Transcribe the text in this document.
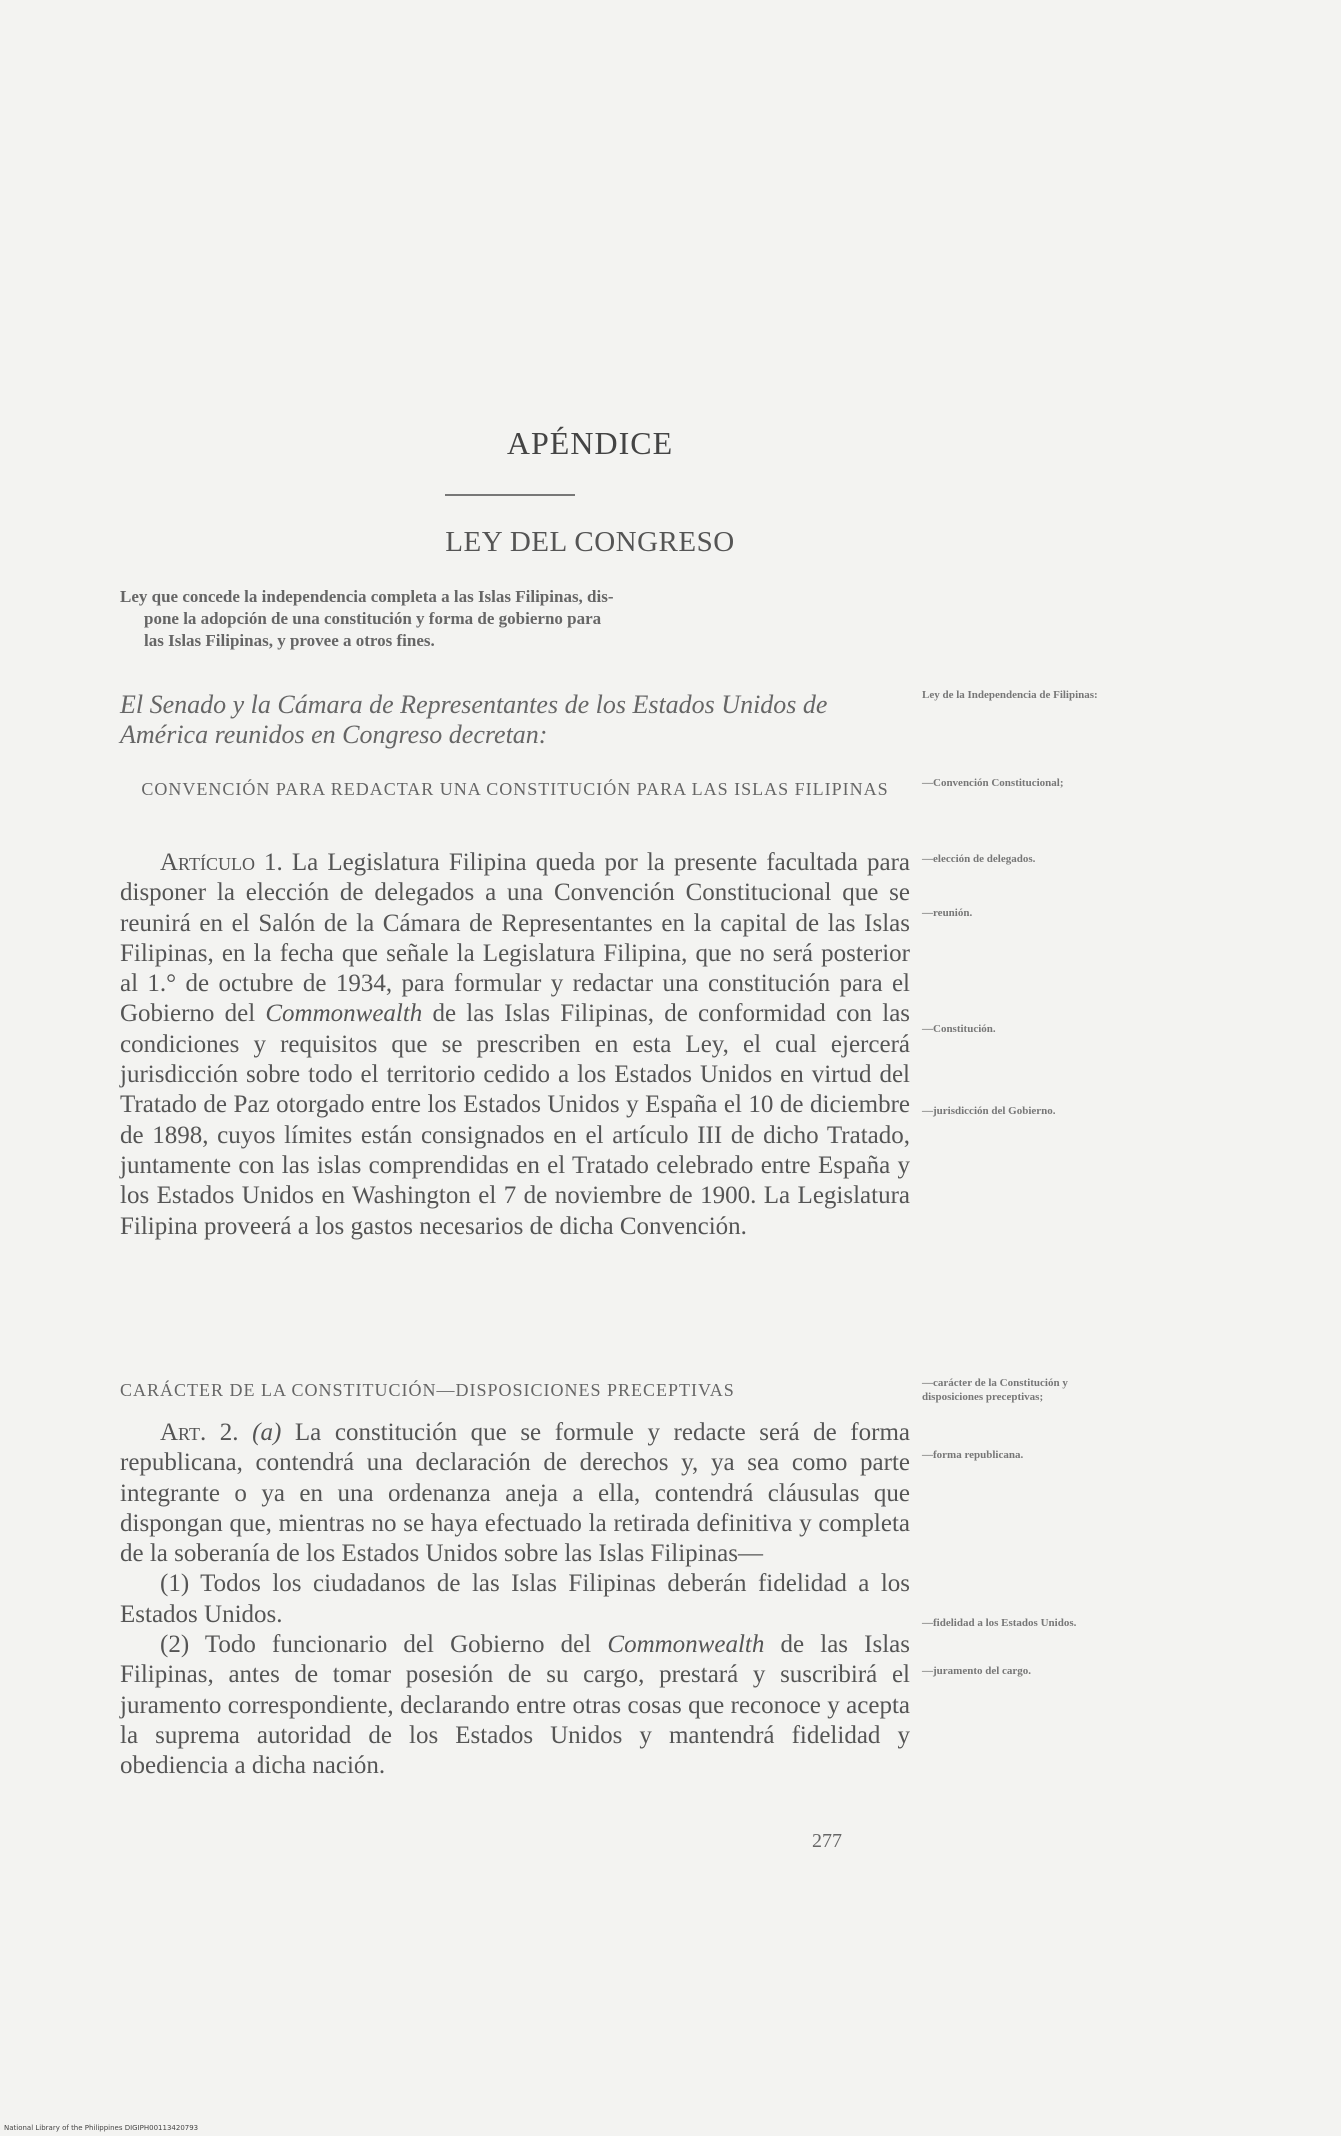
APÉNDICE
LEY DEL CONGRESO
Ley que concede la independencia completa a las Islas Filipinas, dis-
pone la adopción de una constitución y forma de gobierno para
las Islas Filipinas, y provee a otros fines.
El Senado y la Cámara de Representantes de los Estados Unidos de América reunidos en Congreso decretan:
CONVENCIÓN PARA REDACTAR UNA CONSTITUCIÓN PARA LAS ISLAS FILIPINAS

Artículo 1. La Legislatura Filipina queda por la presente facultada para disponer la elección de delegados a una Convención Constitucional que se reunirá en el Salón de la Cámara de Representantes en la capital de las Islas Filipinas, en la fecha que señale la Legislatura Filipina, que no será posterior al 1.° de octubre de 1934, para formular y redactar una constitución para el Gobierno del Commonwealth de las Islas Filipinas, de conformidad con las condiciones y requisitos que se prescriben en esta Ley, el cual ejercerá jurisdicción sobre todo el territorio cedido a los Estados Unidos en virtud del Tratado de Paz otorgado entre los Estados Unidos y España el 10 de diciembre de 1898, cuyos límites están consignados en el artículo III de dicho Tratado, juntamente con las islas comprendidas en el Tratado celebrado entre España y los Estados Unidos en Washington el 7 de noviembre de 1900. La Legislatura Filipina proveerá a los gastos necesarios de dicha Convención.

CARÁCTER DE LA CONSTITUCIÓN—DISPOSICIONES PRECEPTIVAS

Art. 2. (a) La constitución que se formule y redacte será de forma republicana, contendrá una declaración de derechos y, ya sea como parte integrante o ya en una ordenanza aneja a ella, contendrá cláusulas que dispongan que, mientras no se haya efectuado la retirada definitiva y completa de la soberanía de los Estados Unidos sobre las Islas Filipinas—

(1) Todos los ciudadanos de las Islas Filipinas deberán fidelidad a los Estados Unidos.

(2) Todo funcionario del Gobierno del Commonwealth de las Islas Filipinas, antes de tomar posesión de su cargo, prestará y suscribirá el juramento correspondiente, declarando entre otras cosas que reconoce y acepta la suprema autoridad de los Estados Unidos y mantendrá fidelidad y obediencia a dicha nación.

Ley de la Independencia de Filipinas:
—Convención Constitucional;
—elección de delegados.
—reunión.
—Constitución.
—jurisdicción del Gobierno.
—carácter de la Constitución y disposiciones preceptivas;
—forma republicana.
—fidelidad a los Estados Unidos.
—juramento del cargo.
277
National Library of the Philippines DIGIPH00113420793
